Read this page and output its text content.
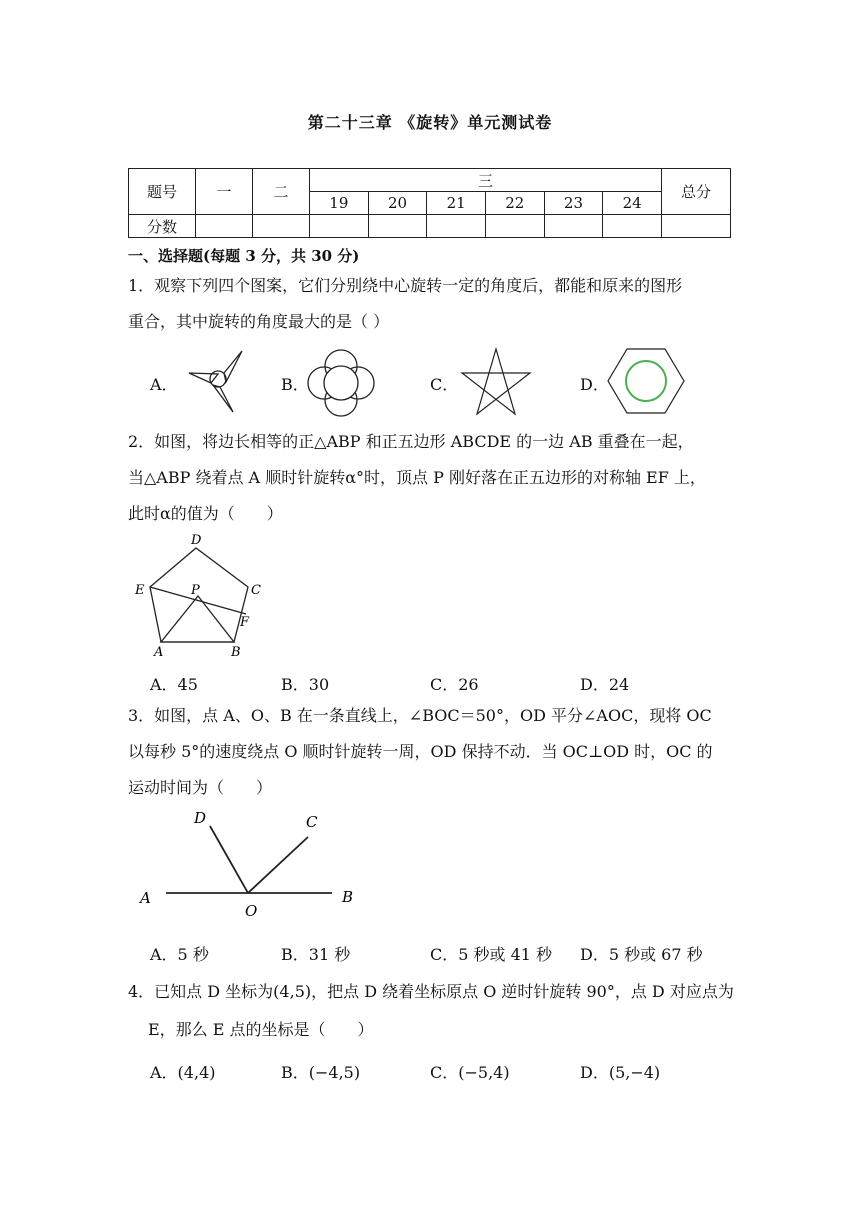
第二十三章 《旋转》单元测试卷
题号	一	二	三						总分
			19	20	21	22	23	24	
分数									
一、选择题(每题 3 分，共 30 分)
1．观察下列四个图案，它们分别绕中心旋转一定的角度后，都能和原来的图形
重合，其中旋转的角度最大的是（ ）
A．	B．	C．	D．
2．如图，将边长相等的正△ABP 和正五边形 ABCDE 的一边 AB 重叠在一起，
当△ABP 绕着点 A 顺时针旋转α°时，顶点 P 刚好落在正五边形的对称轴 EF 上，
此时α的值为（　　）
D
E	P	C
F
A	B
A．45	B．30	C．26	D．24
3．如图，点 A、O、B 在一条直线上，∠BOC＝50°，OD 平分∠AOC，现将 OC
以每秒 5°的速度绕点 O 顺时针旋转一周，OD 保持不动．当 OC⊥OD 时，OC 的
运动时间为（　　）
D	C
A
O
B
A．5 秒	B．31 秒	C．5 秒或 41 秒 D．5 秒或 67 秒
4．已知点 D 坐标为(4,5)，把点 D 绕着坐标原点 O 逆时针旋转 90°，点 D 对应点为
E，那么 E 点的坐标是（　　）
A．(4,4)	B．(−4,5)	C．(−5,4)	D．(5,−4)
